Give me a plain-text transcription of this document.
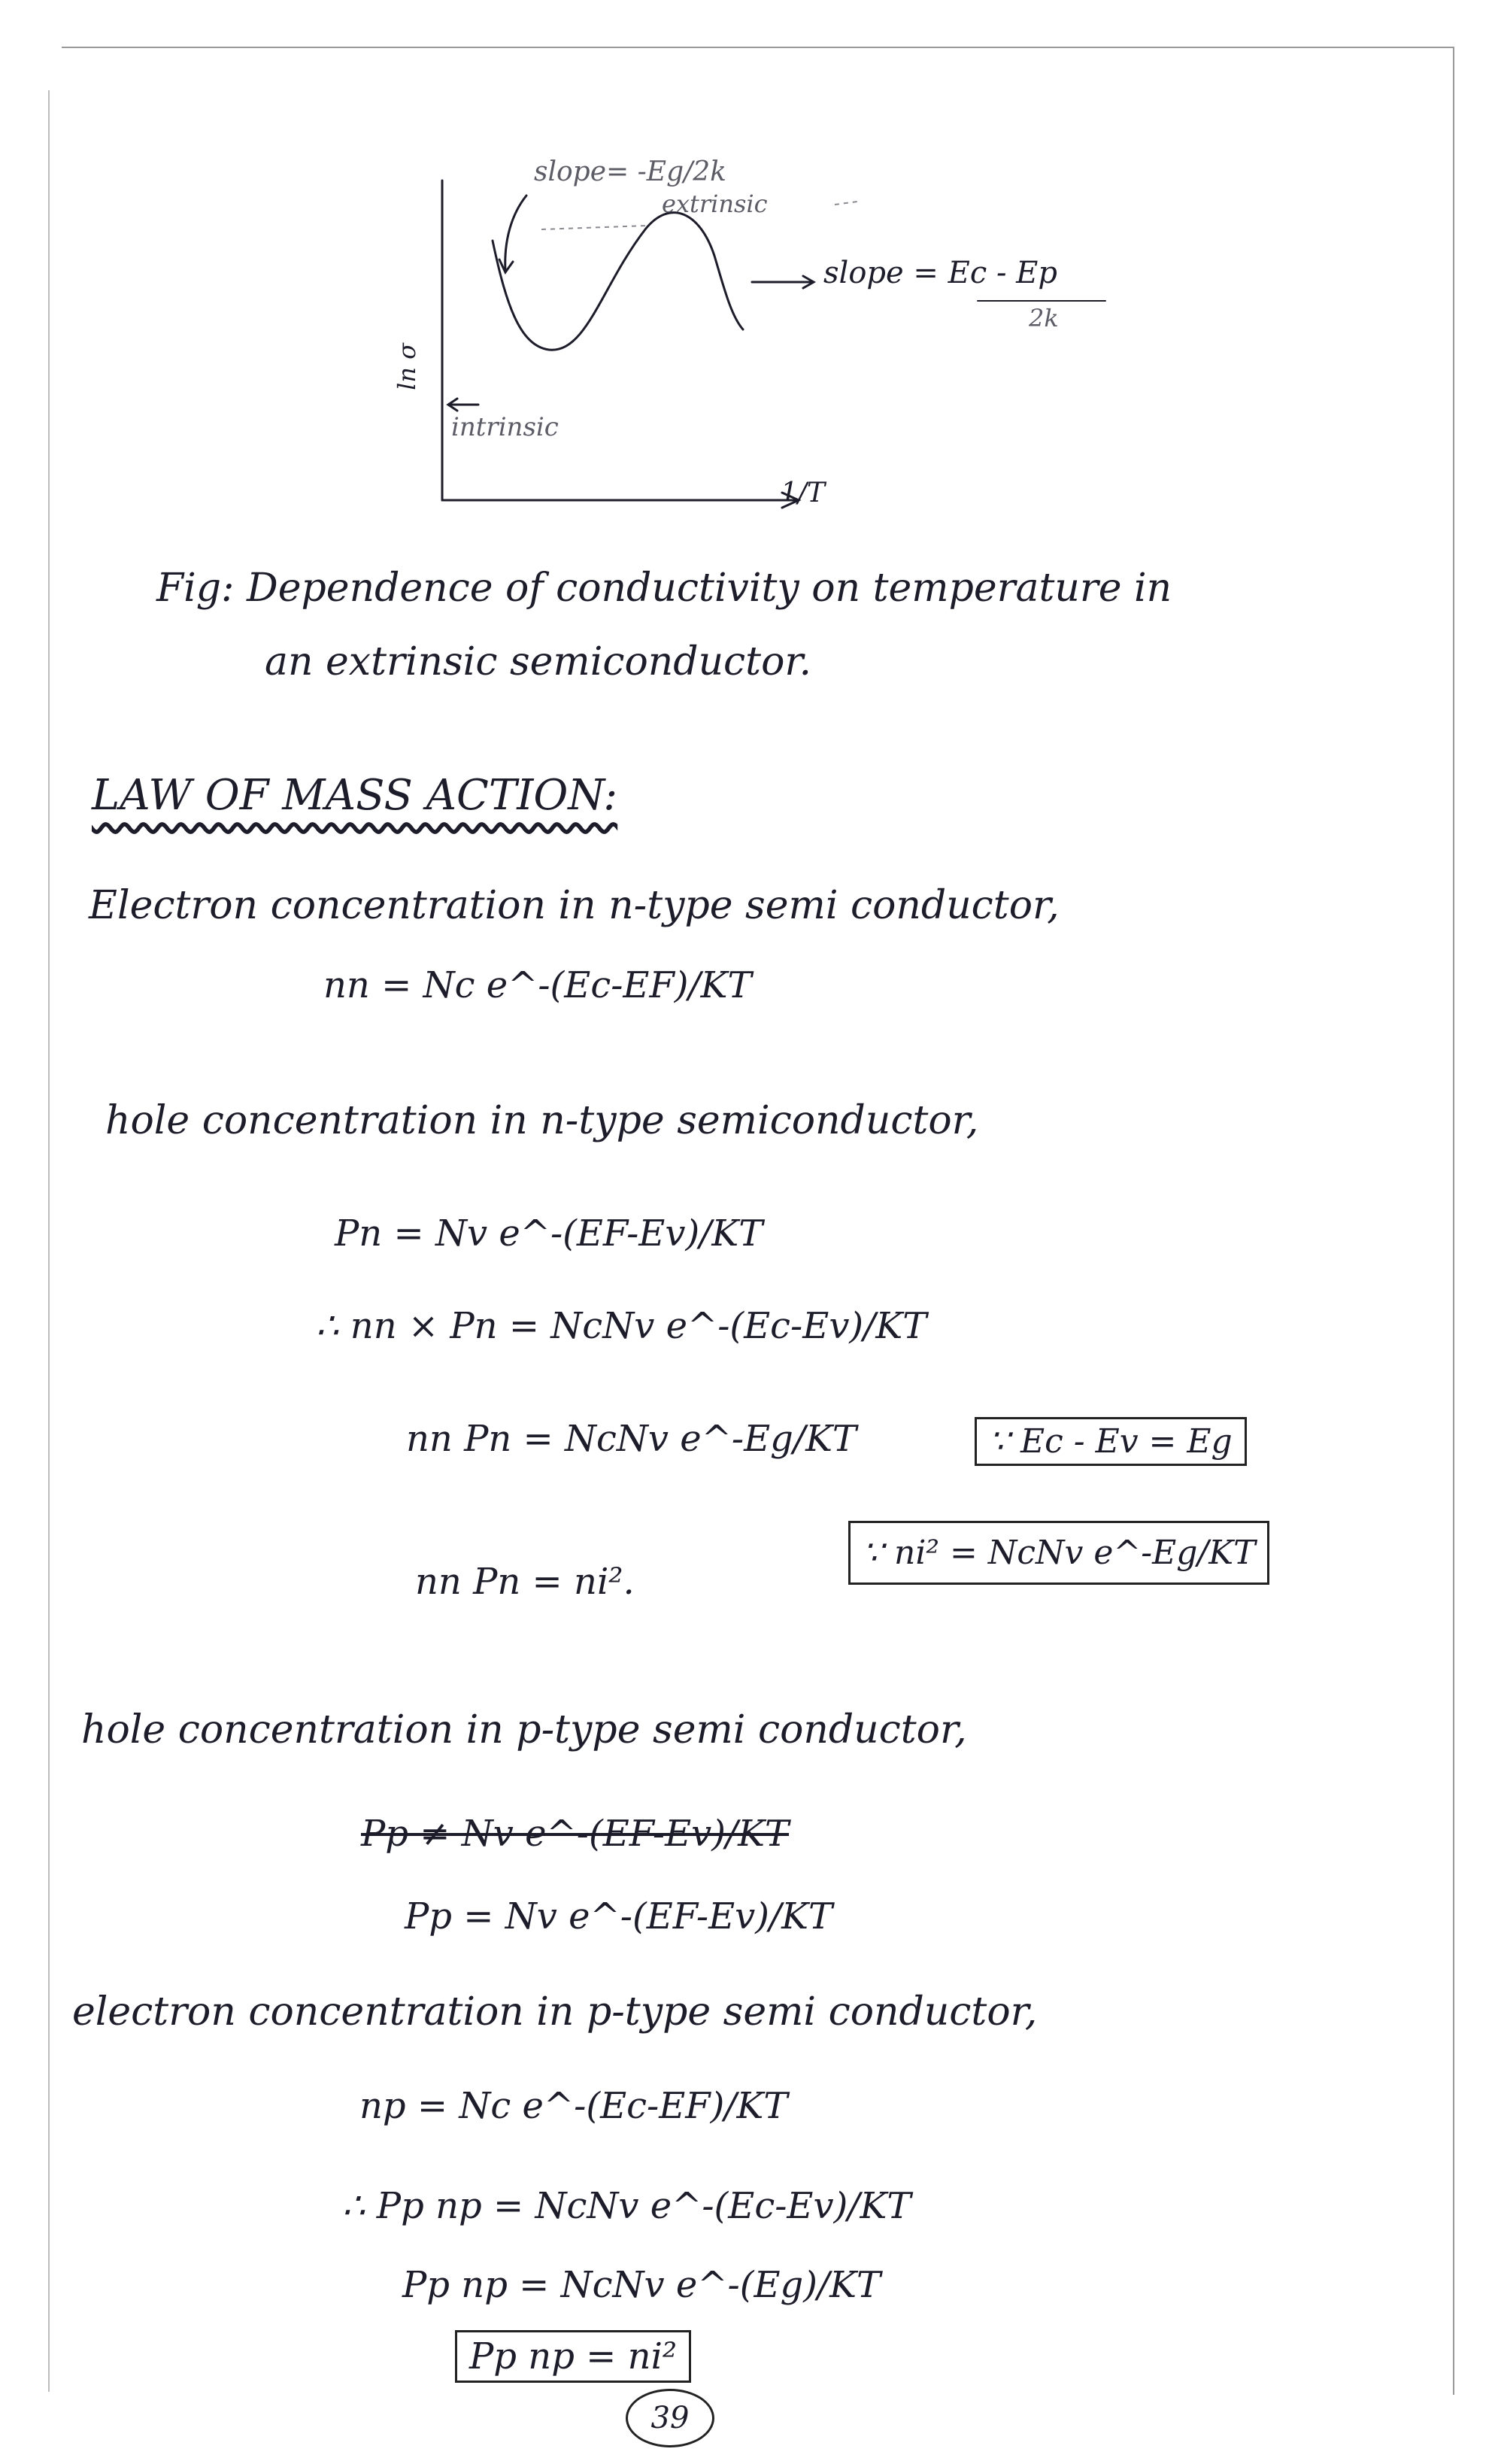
slope= -Eg/2k
extrinsic
slope = Ec - Ep
2k
ln σ
intrinsic
1/T
Fig: Dependence of conductivity on temperature in
an extrinsic semiconductor.
LAW OF MASS ACTION:
Electron concentration in n-type semi conductor,
nn = Nc e^-(Ec-EF)/KT
hole concentration in n-type semiconductor,
Pn = Nv e^-(EF-Ev)/KT
∴ nn × Pn = NcNv e^-(Ec-Ev)/KT
nn Pn = NcNv e^-Eg/KT	∵ Ec - Ev = Eg
nn Pn = ni².
∵ ni² = NcNv e^-Eg/KT
hole concentration in p-type semi conductor,
Pp ≠ Nv e^-(EF-Ev)/KT
Pp = Nv e^-(EF-Ev)/KT
electron concentration in p-type semi conductor,
np = Nc e^-(Ec-EF)/KT
∴ Pp np = NcNv e^-(Ec-Ev)/KT
Pp np = NcNv e^-(Eg)/KT
Pp np = ni²
39
